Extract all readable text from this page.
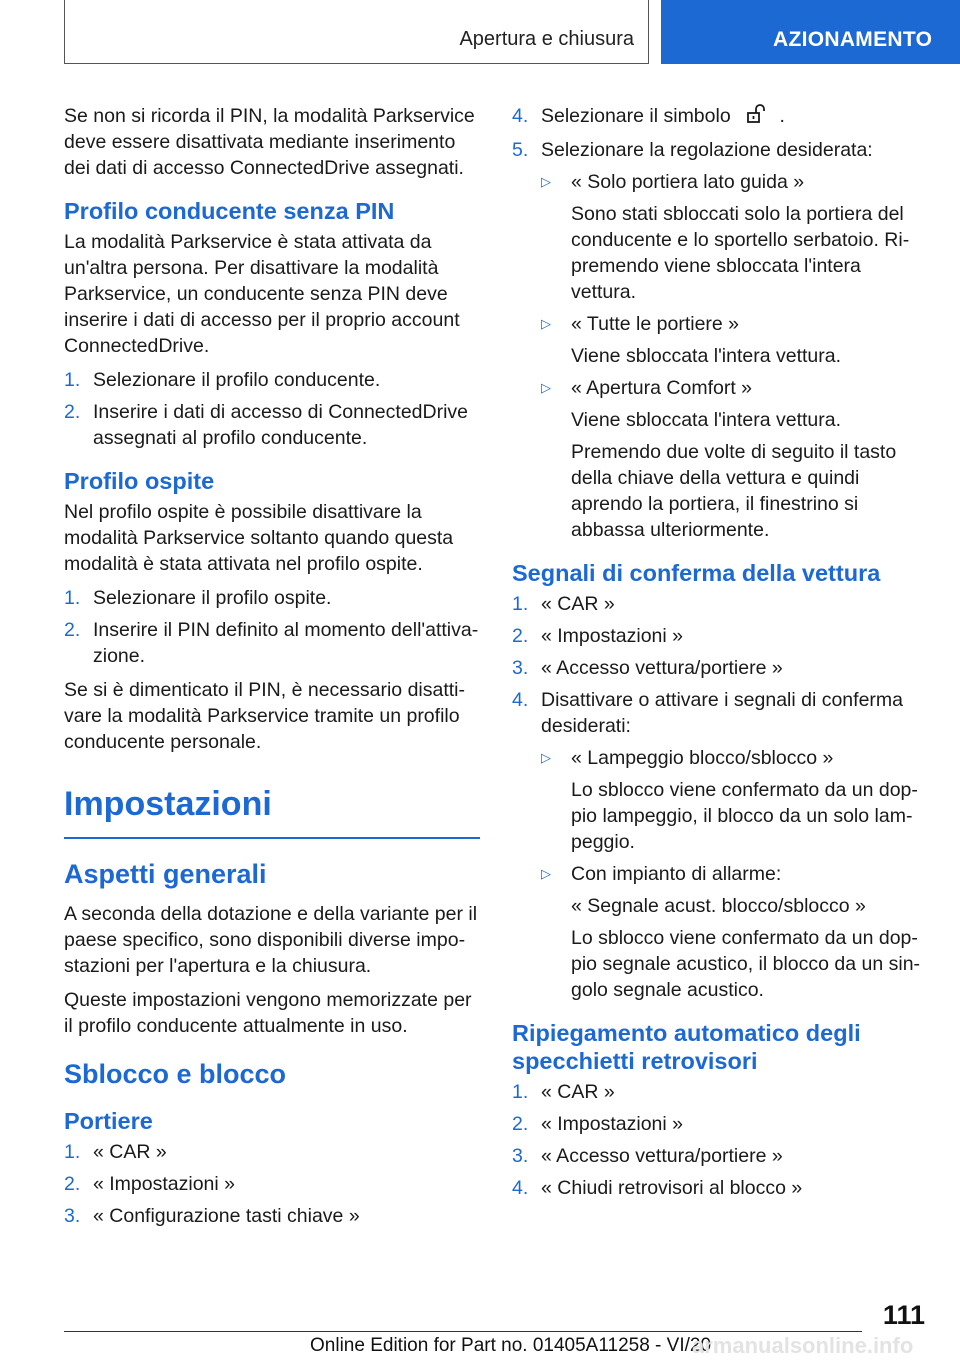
Apertura e chiusura	AZIONAMENTO

Se non si ricorda il PIN, la modalità Parkservice deve essere disattivata mediante inserimento dei dati di accesso ConnectedDrive assegnati.

Profilo conducente senza PIN

La modalità Parkservice è stata attivata da un'altra persona. Per disattivare la modalità Parkservice, un conducente senza PIN deve inserire i dati di accesso per il proprio account ConnectedDrive.

1. Selezionare il profilo conducente.
2. Inserire i dati di accesso di ConnectedDrive assegnati al profilo conducente.
Profilo ospite

Nel profilo ospite è possibile disattivare la modalità Parkservice soltanto quando questa modalità è stata attivata nel profilo ospite.

1. Selezionare il profilo ospite.
2. Inserire il PIN definito al momento dell'attivazione.

Se si è dimenticato il PIN, è necessario disattivare la modalità Parkservice tramite un profilo conducente personale.

Impostazioni
Aspetti generali

A seconda della dotazione e della variante per il paese specifico, sono disponibili diverse impostazioni per l'apertura e la chiusura.

Queste impostazioni vengono memorizzate per il profilo conducente attualmente in uso.

Sblocco e blocco
Portiere
1. « CAR »
2. « Impostazioni »
3. « Configurazione tasti chiave »
4. Selezionare il simbolo	.
5. Selezionare la regolazione desiderata:
▷	« Solo portiera lato guida »
Sono stati sbloccati solo la portiera del conducente e lo sportello serbatoio. Ripremendo viene sbloccata l'intera vettura.
▷	« Tutte le portiere »
Viene sbloccata l'intera vettura.
▷	« Apertura Comfort »
Viene sbloccata l'intera vettura.
Premendo due volte di seguito il tasto della chiave della vettura e quindi aprendo la portiera, il finestrino si abbassa ulteriormente.
Segnali di conferma della vettura
1. « CAR »
2. « Impostazioni »
3. « Accesso vettura/portiere »
4. Disattivare o attivare i segnali di conferma desiderati:
▷	« Lampeggio blocco/sblocco »
Lo sblocco viene confermato da un doppio lampeggio, il blocco da un solo lampeggio.
▷	Con impianto di allarme:
« Segnale acust. blocco/sblocco »
Lo sblocco viene confermato da un doppio segnale acustico, il blocco da un singolo segnale acustico.
Ripiegamento automatico degli specchietti retrovisori
1. « CAR »
2. « Impostazioni »
3. « Accesso vettura/portiere »
4. « Chiudi retrovisori al blocco »
111
Online Edition for Part no. 01405A11258 - VI/20
armanualsonline.info
